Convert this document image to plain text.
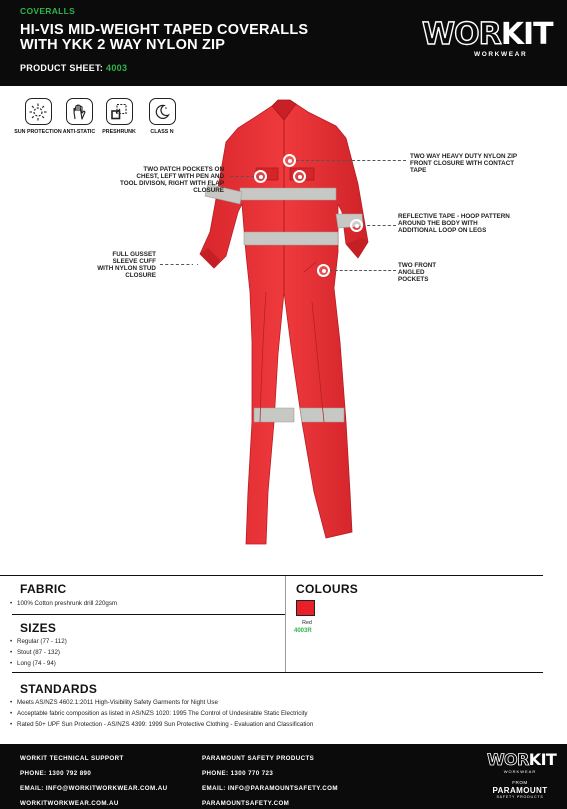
COVERALLS
HI-VIS MID-WEIGHT TAPED COVERALLS
WITH YKK 2 WAY NYLON ZIP
PRODUCT SHEET: 4003
WORKIT
WORKWEAR
SUN PROTECTION ANTI-STATIC	PRESHRUNK	CLASS N
TWO PATCH POCKETS ON CHEST, LEFT WITH PEN AND TOOL DIVISON, RIGHT WITH FLAP CLOSURE
FULL GUSSET SLEEVE CUFF WITH NYLON STUD CLOSURE
TWO WAY HEAVY DUTY NYLON ZIP FRONT CLOSURE WITH CONTACT TAPE
REFLECTIVE TAPE - HOOP PATTERN AROUND THE BODY WITH ADDITIONAL LOOP ON LEGS
TWO FRONT ANGLED POCKETS
FABRIC
• 100% Cotton preshrunk drill 220gsm
SIZES
• Regular (77 - 112)
• Stout (87 - 132)
• Long (74 - 94)
COLOURS
Red
4003R
STANDARDS
• Meets AS/NZS 4602.1:2011 High-Visibility Safety Garments for Night Use
• Acceptable fabric composition as listed in AS/NZS 1020: 1995 The Control of Undesirable Static Electricity
• Rated 50+ UPF Sun Protection - AS/NZS 4399: 1999 Sun Protective Clothing - Evaluation and Classification
WORKIT TECHNICAL SUPPORT
PHONE: 1300 792 890
EMAIL: INFO@WORKITWORKWEAR.COM.AU
WORKITWORKWEAR.COM.AU
PARAMOUNT SAFETY PRODUCTS
PHONE: 1300 770 723
EMAIL: INFO@PARAMOUNTSAFETY.COM
PARAMOUNTSAFETY.COM
WORKIT
WORKWEAR
FROM
PARAMOUNT
SAFETY PRODUCTS
